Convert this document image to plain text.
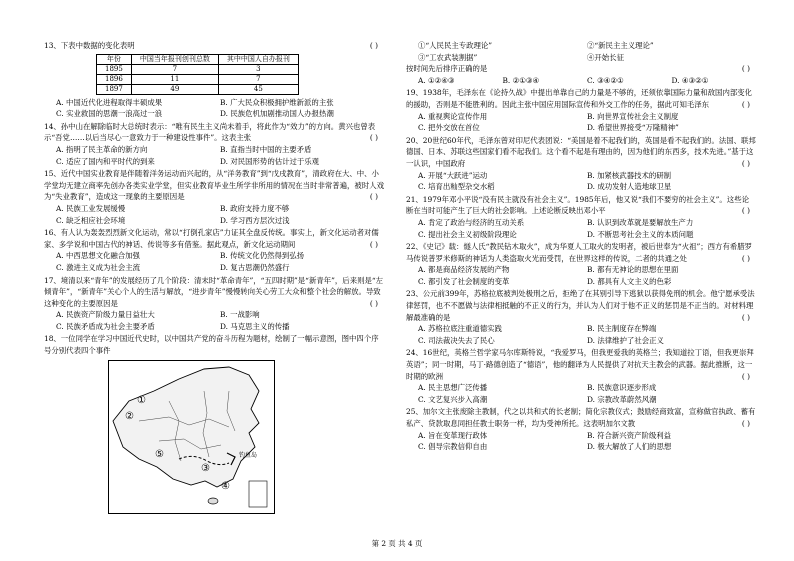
( )
13、下表中数据的变化表明
年份	中国当年报刊创刊总数	其中中国人自办报刊
1895	7	3
1896	11	7
1897	49	45
A. 中国近代化进程取得丰硕成果	B. 广大民众积极拥护维新派的主张
C. 实业救国的思潮一浪高过一浪	D. 民族危机加剧推动国人办报热潮
14、孙中山在解除临时大总统时表示：“唯有民生主义尚未着手，将此作为“效力”的方向。黄兴也曾表示“吾党……以后当尽心一意致力于一种建设性事件”。这表主张	( )
A. 指明了民主革命的新方向	B. 直指当时中国的主要矛盾
C. 适应了国内和平时代的到来	D. 对民国形势的估计过于乐观
15、近代中国实业教育是伴随着洋务运动而兴起的，从“洋务教育”到“戊戌教育”，清政府在大、中、小学堂均无建立商率先创办各类实业学堂，但实业教育毕业生所学非所用的情况在当时非常普遍，被时人戏为“失业教育”，造成这一现象的主要原因是	( )
A. 民族工业发展缓慢	B. 政府支持力度不够
C. 缺乏相应社会环境	D. 学习西方层次过浅
16、有人认为轰轰烈烈新文化运动，常以“打倒孔家店”力证其全盘反传统。事实上，新文化运动者对儒家、多学说和中国古代的神话、传说等多有借鉴。据此观点，新文化运动期间	( )
A. 中西思想文化融合加强	B. 传统文化仍然得到弘扬
C. 激进主义成为社会主流	D. 复古思潮仍然盛行
17、境清以来“青年”的发展经历了几个阶段：清末时“革命青年”，“五四时期”是“新青年”，后来则是“左倾青年”，“新青年”关心个人的生活与解放，“进步青年”慢慢转向关心劳工大众和整个社会的解放。导致这种变化的主要原因是	( )
A. 民族资产阶级力量日益壮大	B. 一战影响
C. 民族矛盾成为社会主要矛盾	D. 马克思主义的传播
18、一位同学在学习中国近代史时，以中国共产党的奋斗历程为题材，绘制了一幅示意图，图中四个序号分别代表四个事件
②
①
③
④
⑤	钓鱼岛
①“人民民主专政理论”	②“新民主主义理论”
③“工农武装割据”	④开始长征
( )
按时间先后排序正确的是
A. ①②④③	B. ②①③④	C. ③④②①	D. ④③②①
19、1938年，毛泽东在《论持久战》中提出单靠自己的力量是不够的，还须依靠国际力量和敌国内部变化的援助，否则是不能胜利的。因此主张中国应用国际宣传和外交工作的任务，据此可知毛泽东	( )
A. 重视舆论宣传作用	B. 向世界宣传社会主义制度
C. 把外交放在首位	D. 希望世界接受“万隆精神”
20、20世纪60年代，毛泽东曾对印尼代表团说：“美国是着不起我们的，英国是看不起我们的。法国、联邦德国、日本、苏联这些国家们看不起我们。这个看不起是有理由的，因为他们的东西多，技术先进。”基于这一认识，中国政府	( )
A. 开展“大跃进”运动	B. 加紧核武器技术的研制
C. 培育出籼型杂交水稻	D. 成功发射人造地球卫星
21、1979年邓小平说“没有民主就没有社会主义”。1985年后，他又说“我们不要穷的社会主义”。这些论断在当时可能产生了巨大的社会影响。上述论断反映出邓小平	( )
A. 肯定了政治与经济的互动关系	B. 认识到改革就是要解放生产力
C. 提出社会主义初级阶段理论	D. 不断思考社会主义的本质问题
22、《史记》载：燧人氏“教民钻木取火”，成为华夏人工取火的发明者，被后世奉为“火祖”；西方有希腊罗马传说普罗米修斯的神话为人类盗取火光而受罚，在世界这样的传说，二者的共通之处	( )
A. 都是商品经济发展的产物	B. 都有无神论的思想在里面
C. 都引发了社会制度的变革	D. 都具有人文主义的色彩
23、公元前399年，苏格拉底被判处极刑之后，拒绝了在其别引导下逃狱以获得免刑的机会。他宁愿承受法律惩罚，也不不愿做与法律相抵触的不正义的行为，并认为人们对于他不正义的惩罚是不正当的。对材料理解最准确的是	( )
A. 苏格拉底注重道德实践	B. 民主制度存在弊端
C. 司法裁决失去了民心	D. 法律维护了社会正义
24、16世纪，英格兰哲学家马尔库斯特说，“我爱罗马，但我更爱我的英格兰；我知道拉丁语，但我更崇拜英语”；同一时期，马丁·路德创造了“德语”，他的翻译为人民提供了对抗天主教会的武器。据此推断，这一时期的欧洲	( )
A. 民主思想广泛传播	B. 民族意识逐步形成
C. 文艺复兴步入高潮	D. 宗教改革蔚然风潮
25、加尔文主张废除主教制，代之以共和式的长老制；简化宗教仪式；鼓励经商致富，宣称做官执政、蓄有私产、贷款取息同担任教士职务一样，均为受神所托。这表明加尔文教	( )
A. 旨在变革现行政体	B. 符合新兴资产阶级利益
C. 倡导宗教信仰自由	D. 极大解放了人们的思想
第 2 页 共 4 页
